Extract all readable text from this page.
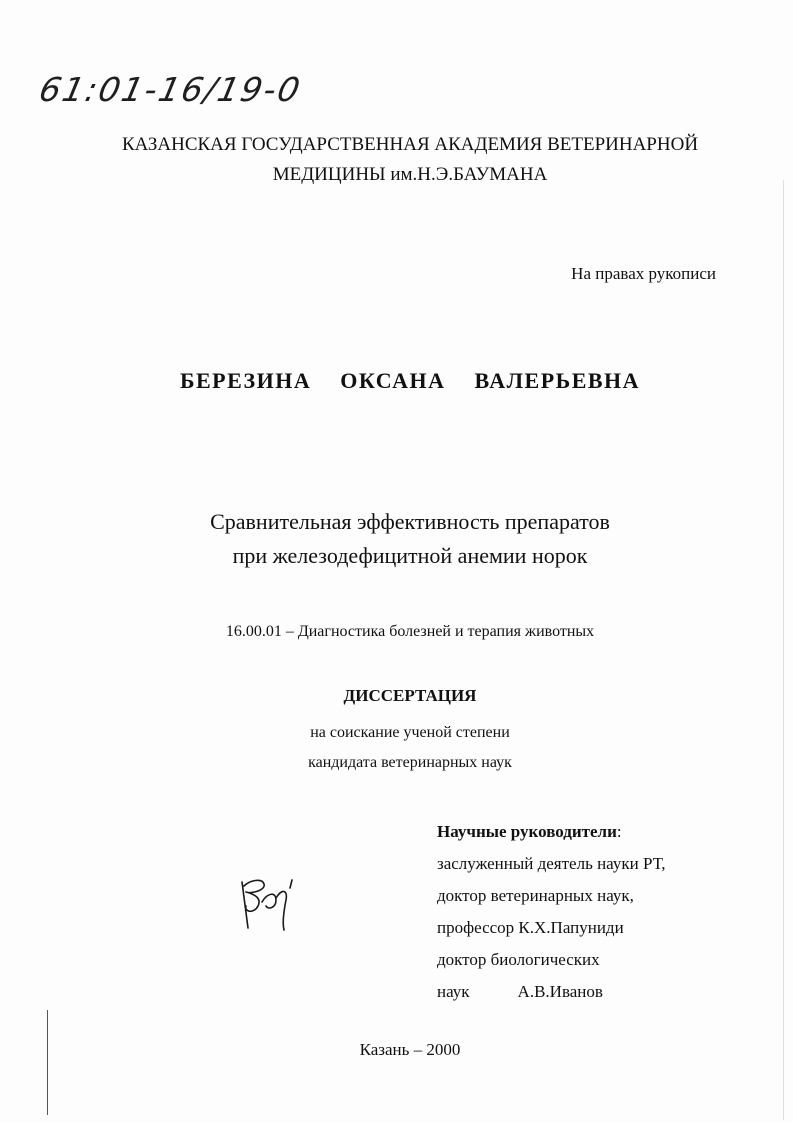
61:01-16/19-0
КАЗАНСКАЯ ГОСУДАРСТВЕННАЯ АКАДЕМИЯ ВЕТЕРИНАРНОЙ
МЕДИЦИНЫ им.Н.Э.БАУМАНА
На правах рукописи
БЕРЕЗИНА ОКСАНА ВАЛЕРЬЕВНА
Сравнительная эффективность препаратов
при железодефицитной анемии норок
16.00.01 – Диагностика болезней и терапия животных
ДИССЕРТАЦИЯ
на соискание ученой степени
кандидата ветеринарных наук
Научные руководители:
заслуженный деятель науки РТ,
доктор ветеринарных наук,
профессор К.Х.Папуниди
доктор биологических
наук	А.В.Иванов
Казань – 2000
